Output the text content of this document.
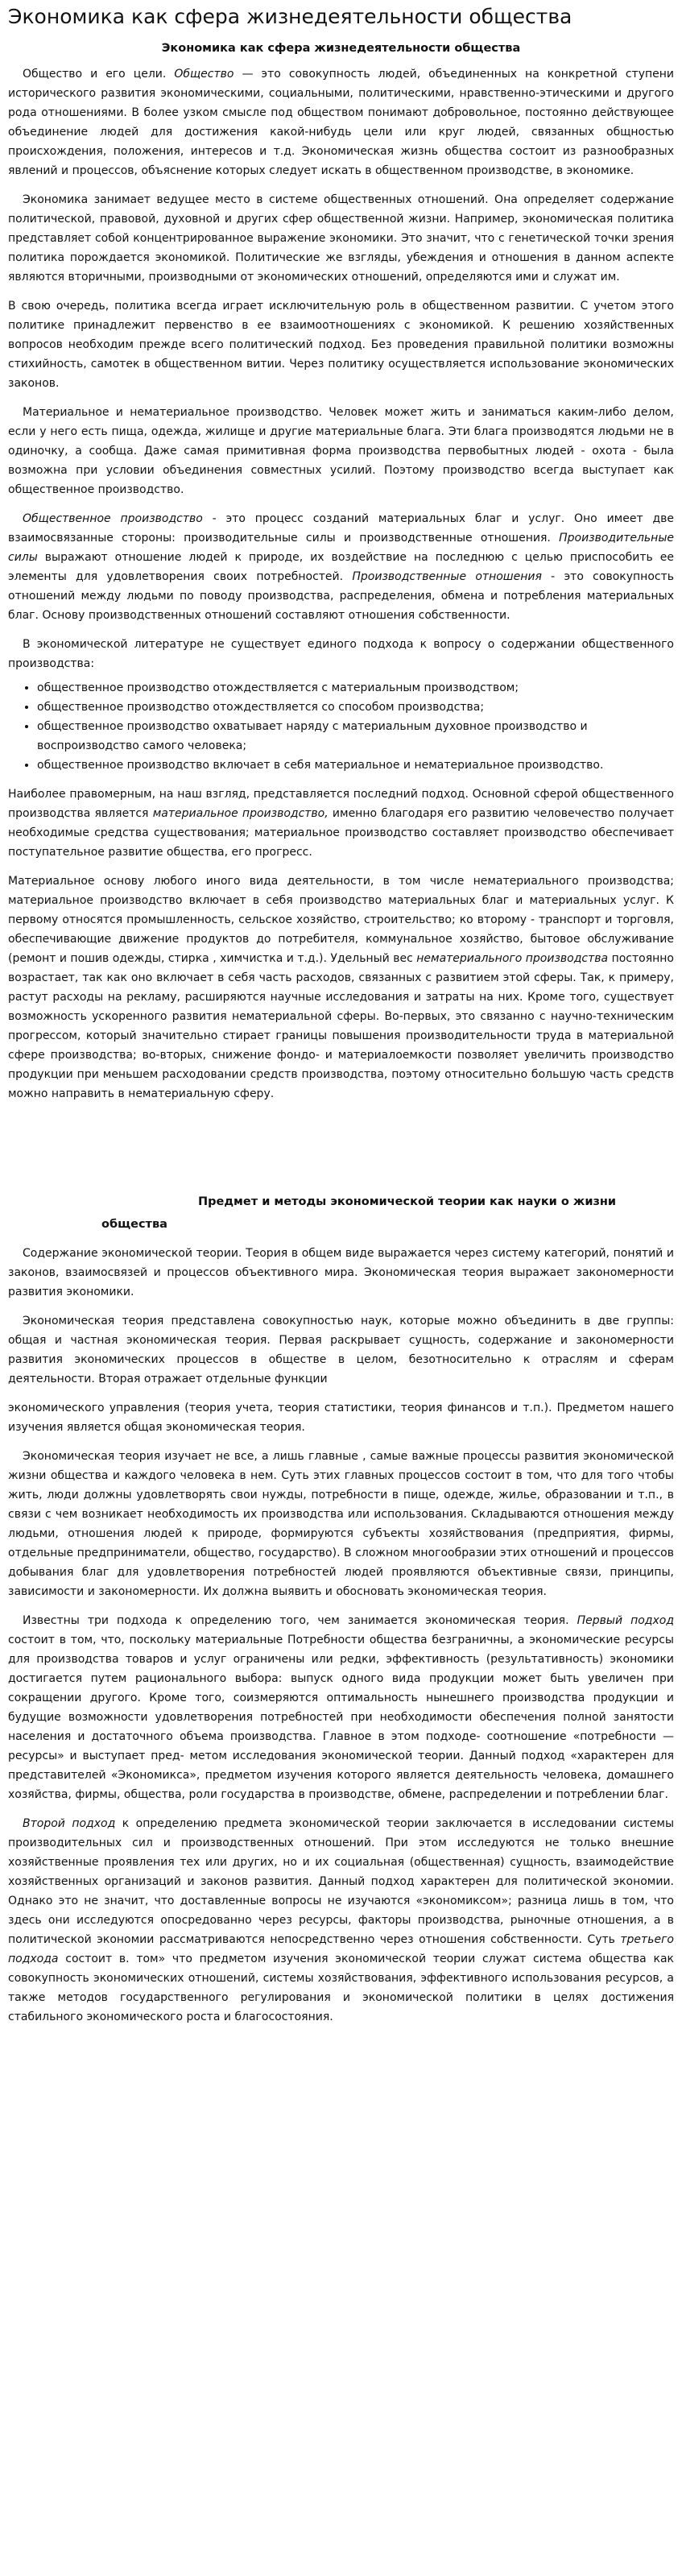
Экономика как сфера жизнедеятельности общества
Экономика как сфера жизнедеятельности общества

Общество и его цели. Общество — это совокупность людей, объединенных на конкретной ступени исторического развития экономическими, социальными, политическими, нравственно-этическими и другого рода отношениями. В более узком смысле под обществом понимают добровольное, постоянно действующее объединение людей для достижения какой-нибудь цели или круг людей, связанных общностью происхождения, положения, интересов и т.д. Экономическая жизнь общества состоит из разнообразных явлений и процессов, объяснение которых следует искать в общественном производстве, в экономике.

Экономика занимает ведущее место в системе общественных отношений. Она определяет содержание политической, правовой, духовной и других сфер общественной жизни. Например, экономическая политика представляет собой концентрированное выражение экономики. Это значит, что с генетической точки зрения политика порождается экономикой. Политические же взгляды, убеждения и отношения в данном аспекте являются вторичными, производными от экономических отношений, определяются ими и служат им.

В свою очередь, политика всегда играет исключительную роль в общественном развитии. С учетом этого политике принадлежит первенство в ее взаимоотношениях с экономикой. К решению хозяйственных вопросов необходим прежде всего политический подход. Без проведения правильной политики возможны стихийность, самотек в общественном витии. Через политику осуществляется использование экономических законов.

Материальное и нематериальное производство. Человек может жить и заниматься каким-либо делом, если у него есть пища, одежда, жилище и другие материальные блага. Эти блага производятся людьми не в одиночку, а сообща. Даже самая примитивная форма производства первобытных людей - охота - была возможна при условии объединения совместных усилий. Поэтому производство всегда выступает как общественное производство.

Общественное производство - это процесс созданий материальных благ и услуг. Оно имеет две взаимосвязанные стороны: производительные силы и производственные отношения. Производительные силы выражают отношение людей к природе, их воздействие на последнюю с целью приспособить ее элементы для удовлетворения своих потребностей. Производственные отношения - это совокупность отношений между людьми по поводу производства, распределения, обмена и потребления материальных благ. Основу производственных отношений составляют отношения собственности.

В экономической литературе не существует единого подхода к вопросу о содержании общественного производства:

• общественное производство отождествляется с материальным производством;
• общественное производство отождествляется со способом производства;
• общественное производство охватывает наряду с материальным духовное производство и воспроизводство самого человека;
• общественное производство включает в себя материальное и нематериальное производство.

Наиболее правомерным, на наш взгляд, представляется последний подход. Основной сферой общественного производства является материальное производство, именно благодаря его развитию человечество получает необходимые средства существования; материальное производство составляет производство обеспечивает поступательное развитие общества, его прогресс.

Материальное основу любого иного вида деятельности, в том числе нематериального производства; материальное производство включает в себя производство материальных благ и материальных услуг. К первому относятся промышленность, сельское хозяйство, строительство; ко второму - транспорт и торговля, обеспечивающие движение продуктов до потребителя, коммунальное хозяйство, бытовое обслуживание (ремонт и пошив одежды, стирка , химчистка и т.д.). Удельный вес нематериального производства постоянно возрастает, так как оно включает в себя часть расходов, связанных с развитием этой сферы. Так, к примеру, растут расходы на рекламу, расширяются научные исследования и затраты на них. Кроме того, существует возможность ускоренного развития нематериальной сферы. Во-первых, это связанно с научно-техническим прогрессом, который значительно стирает границы повышения производительности труда в материальной сфере производства; во-вторых, снижение фондо- и материалоемкости позволяет увеличить производство продукции при меньшем расходовании средств производства, поэтому относительно большую часть средств можно направить в нематериальную сферу.

Предмет и методы экономической теории как науки о жизни
общества

Содержание экономической теории. Теория в общем виде выражается через систему категорий, понятий и законов, взаимосвязей и процессов объективного мира. Экономическая теория выражает закономерности развития экономики.

Экономическая теория представлена совокупностью наук, которые можно объединить в две группы: общая и частная экономическая теория. Первая раскрывает сущность, содержание и закономерности развития экономических процессов в обществе в целом, безотносительно к отраслям и сферам деятельности. Вторая отражает отдельные функции

экономического управления (теория учета, теория статистики, теория финансов и т.п.). Предметом нашего изучения является общая экономическая теория.

Экономическая теория изучает не все, а лишь главные , самые важные процессы развития экономической жизни общества и каждого человека в нем. Суть этих главных процессов состоит в том, что для того чтобы жить, люди должны удовлетворять свои нужды, потребности в пище, одежде, жилье, образовании и т.п., в связи с чем возникает необходимость их производства или использования. Складываются отношения между людьми, отношения людей к природе, формируются субъекты хозяйствования (предприятия, фирмы, отдельные предприниматели, общество, государство). В сложном многообразии этих отношений и процессов добывания благ для удовлетворения потребностей людей проявляются объективные связи, принципы, зависимости и закономерности. Их должна выявить и обосновать экономическая теория.

Известны три подхода к определению того, чем занимается экономическая теория. Первый подход состоит в том, что, поскольку материальные Потребности общества безграничны, а экономические ресурсы для производства товаров и услуг ограничены или редки, эффективность (результативность) экономики достигается путем рационального выбора: выпуск одного вида продукции может быть увеличен при сокращении другого. Кроме того, соизмеряются оптимальность нынешнего производства продукции и будущие возможности удовлетворения потребностей при необходимости обеспечения полной занятости населения и достаточного объема производства. Главное в этом подходе- соотношение «потребности — ресурсы» и выступает пред- метом исследования экономической теории. Данный подход «характерен для представителей «Экономикса», предметом изучения которого является деятельность человека, домашнего хозяйства, фирмы, общества, роли государства в производстве, обмене, распределении и потреблении благ.

Второй подход к определению предмета экономической теории заключается в исследовании системы производительных сил и производственных отношений. При этом исследуются не только внешние хозяйственные проявления тех или других, но и их социальная (общественная) сущность, взаимодействие хозяйственных организаций и законов развития. Данный подход характерен для политической экономии. Однако это не значит, что доставленные вопросы не изучаются «экономиксом»; разница лишь в том, что здесь они исследуются опосредованно через ресурсы, факторы производства, рыночные отношения, а в политической экономии рассматриваются непосредственно через отношения собственности. Суть третьего подхода состоит в. том» что предметом изучения экономической теории служат система общества как совокупность экономических отношений, системы хозяйствования, эффективного использования ресурсов, а также методов государственного регулирования и экономической политики в целях достижения стабильного экономического роста и благосостояния.
